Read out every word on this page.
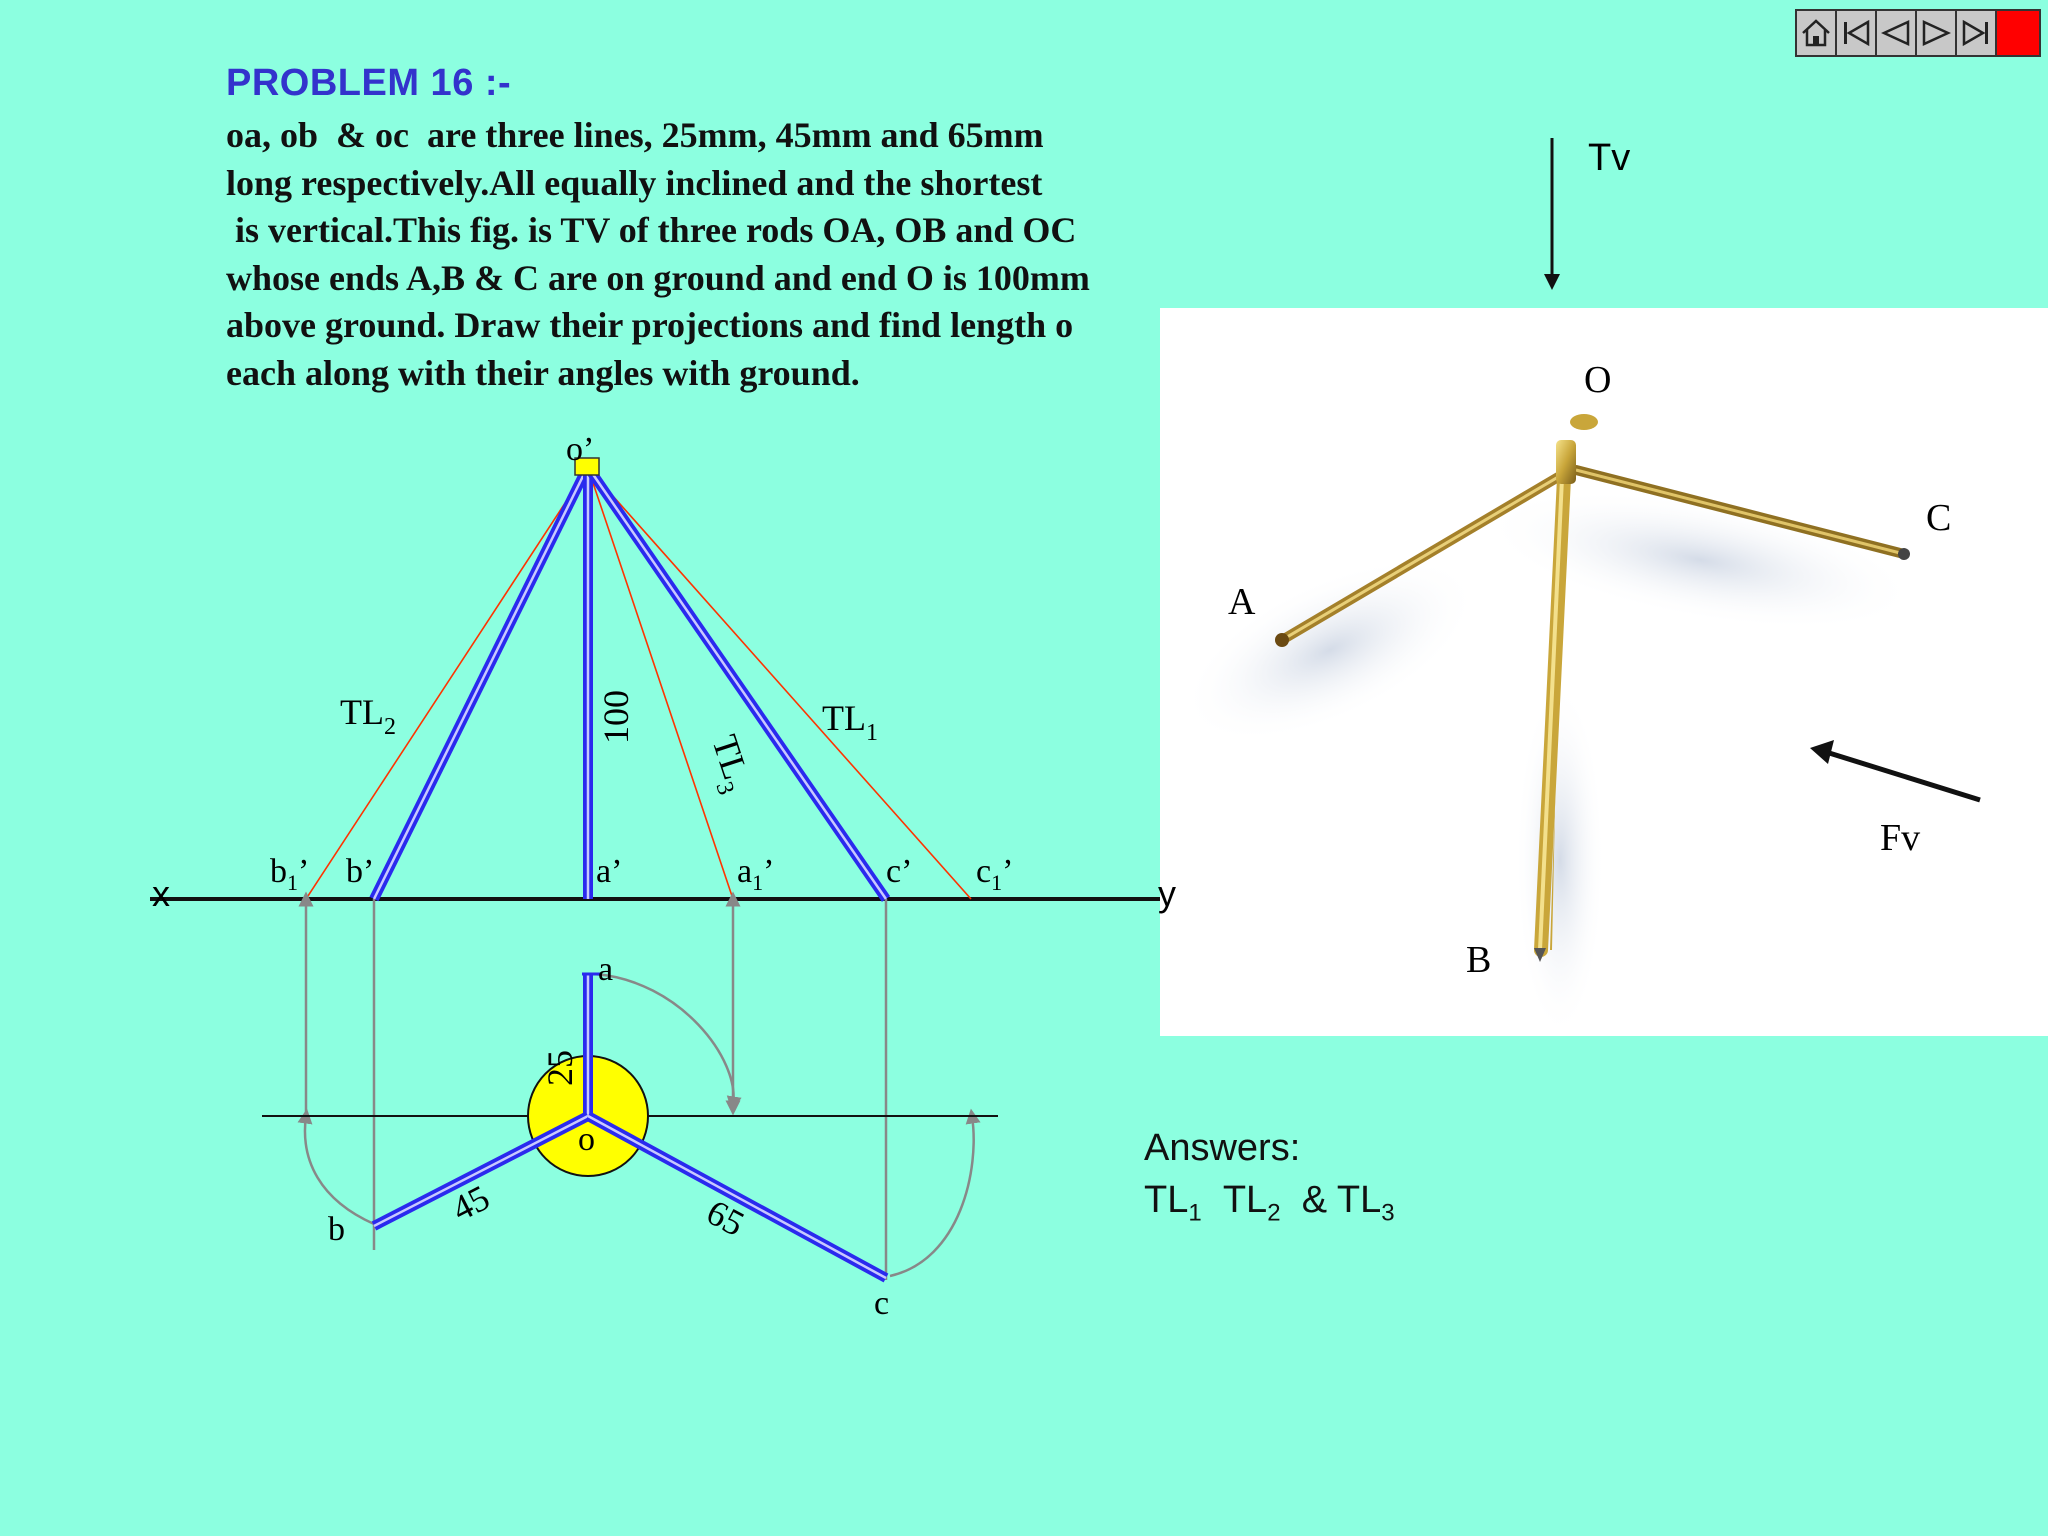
PROBLEM 16 :-
oa, ob  & oc  are three lines, 25mm, 45mm and 65mm
long respectively.All equally inclined and the shortest
is vertical.This fig. is TV of three rods OA, OB and OC
whose ends A,B & C are on ground and end O is 100mm
above ground. Draw their projections and find length o
each along with their angles with ground.
o’
x	y
$b_1$’ b’	a’	$a_1$’	c’ $c_1$’
100
$TL_2$	$TL_1$
$TL_3$
o
a
b
c
25
45	65
Tv
O
A
C
B
Fv
Answers:
$TL_1$ $TL_2$ & $TL_3$
